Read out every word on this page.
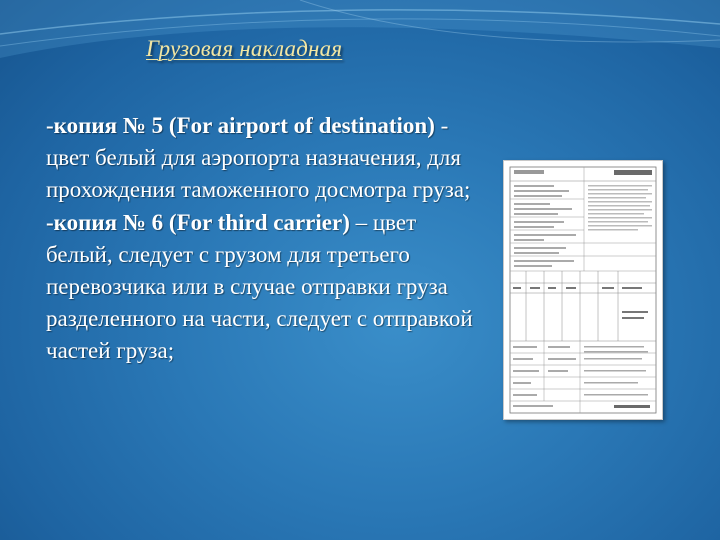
Грузовая накладная
-копия № 5 (For airport of destination) - цвет белый для аэропорта назначения, для прохождения таможенного досмотра груза;
-копия № 6 (For third carrier) – цвет белый, следует с грузом для третьего перевозчика или в случае отправки груза разделенного на части, следует с отправкой частей груза;
